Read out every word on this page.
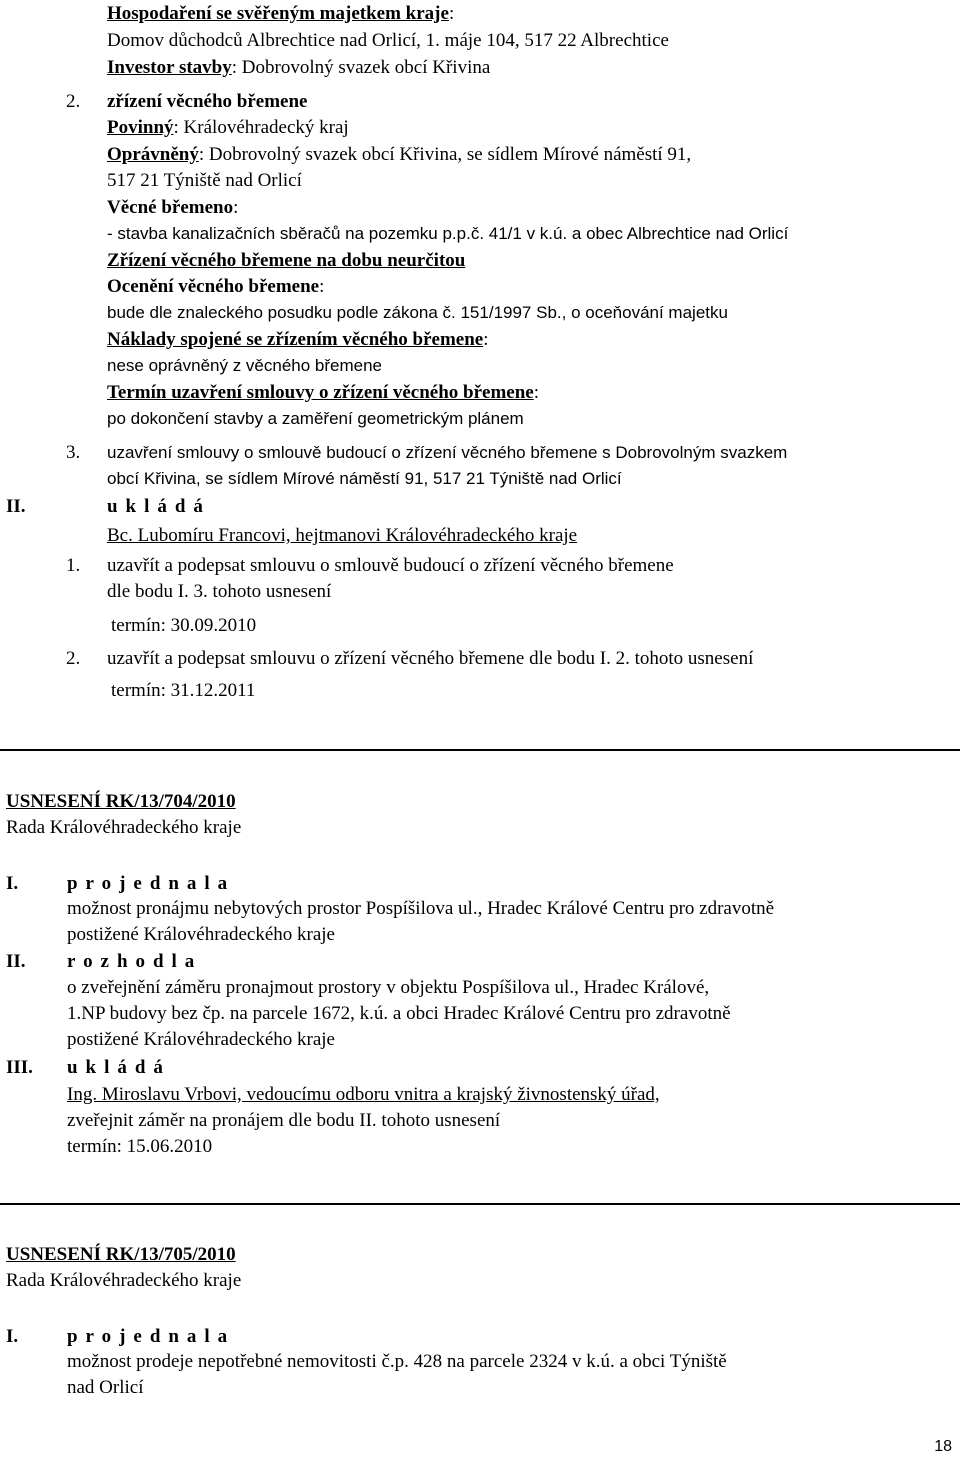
Hospodaření se svěřeným majetkem kraje:
Domov důchodců Albrechtice nad Orlicí, 1. máje 104, 517 22 Albrechtice
Investor stavby: Dobrovolný svazek obcí Křivina
2. zřízení věcného břemene
Povinný: Královéhradecký kraj
Oprávněný: Dobrovolný svazek obcí Křivina, se sídlem Mírové náměstí 91,
517 21 Týniště nad Orlicí
Věcné břemeno:
- stavba kanalizačních sběračů na pozemku p.p.č. 41/1 v k.ú. a obec Albrechtice nad Orlicí
Zřízení věcného břemene na dobu neurčitou
Ocenění věcného břemene:
bude dle znaleckého posudku podle zákona č. 151/1997 Sb., o oceňování majetku
Náklady spojené se zřízením věcného břemene:
nese oprávněný z věcného břemene
Termín uzavření smlouvy o zřízení věcného břemene:
po dokončení stavby a zaměření geometrickým plánem
3. uzavření smlouvy o smlouvě budoucí o zřízení věcného břemene s Dobrovolným svazkem
obcí Křivina, se sídlem Mírové náměstí 91, 517 21 Týniště nad Orlicí
II.	ukládá
Bc. Lubomíru Francovi, hejtmanovi Královéhradeckého kraje
1. uzavřít a podepsat smlouvu o smlouvě budoucí o zřízení věcného břemene
dle bodu I. 3. tohoto usnesení
termín: 30.09.2010
2. uzavřít a podepsat smlouvu o zřízení věcného břemene dle bodu I. 2. tohoto usnesení
termín: 31.12.2011
USNESENÍ RK/13/704/2010
Rada Královéhradeckého kraje
I.	projednala
možnost pronájmu nebytových prostor Pospíšilova ul., Hradec Králové Centru pro zdravotně
postižené Královéhradeckého kraje
II. rozhodla
o zveřejnění záměru pronajmout prostory v objektu Pospíšilova ul., Hradec Králové,
1.NP budovy bez čp. na parcele 1672, k.ú. a obci Hradec Králové Centru pro zdravotně
postižené Královéhradeckého kraje
III. ukládá
Ing. Miroslavu Vrbovi, vedoucímu odboru vnitra a krajský živnostenský úřad,
zveřejnit záměr na pronájem dle bodu II. tohoto usnesení
termín: 15.06.2010
USNESENÍ RK/13/705/2010
Rada Královéhradeckého kraje
I.	projednala
možnost prodeje nepotřebné nemovitosti č.p. 428 na parcele 2324 v k.ú. a obci Týniště
nad Orlicí
18
